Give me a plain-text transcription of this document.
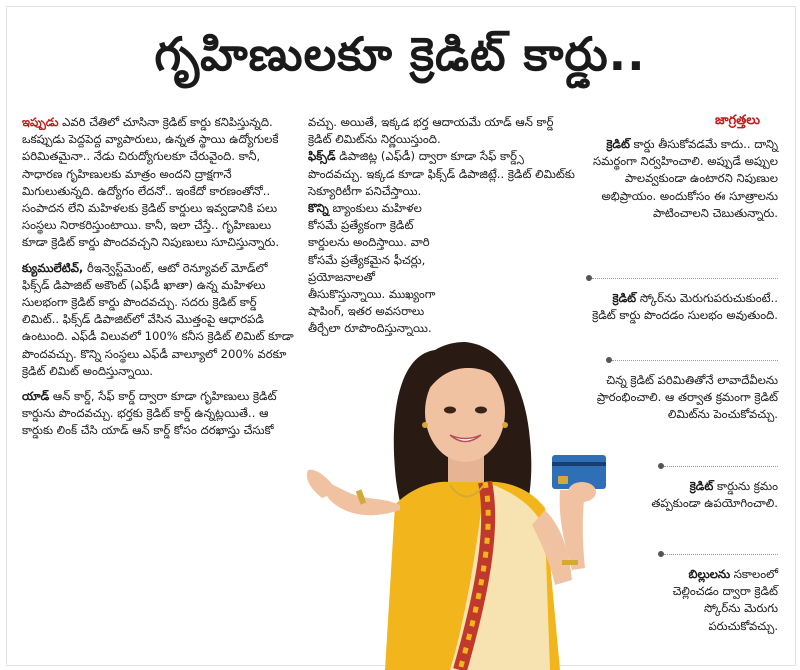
గృహిణులకూ క్రెడిట్ కార్డు..

ఇప్పుడు ఎవరి చేతిలో చూసినా క్రెడిట్ కార్డు కనిపిస్తున్నది. ఒకప్పుడు పెద్దపెద్ద వ్యాపారులు, ఉన్నత స్థాయి ఉద్యోగులకే పరిమితమైనా.. నేడు చిరుద్యోగులకూ చేరువైంది. కానీ, సాధారణ గృహిణులకు మాత్రం అందని ద్రాక్షగానే మిగులుతున్నది. ఉద్యోగం లేదనో.. ఇంకేదో కారణంతోనో.. సంపాదన లేని మహిళలకు క్రెడిట్ కార్డులు ఇవ్వడానికి పలు సంస్థలు నిరాకరిస్తుంటాయి. కానీ, ఇలా చేస్తే.. గృహిణులు కూడా క్రెడిట్ కార్డు పొందవచ్చని నిపుణులు సూచిస్తున్నారు.

క్యుములేటివ్, రీఇన్వెస్ట్‌మెంట్, ఆటో రెన్యూవల్ మోడ్‌లో ఫిక్స్‌డ్ డిపాజిట్ అకౌంట్ (ఎఫ్‌డీ ఖాతా) ఉన్న మహిళలు సులభంగా క్రెడిట్ కార్డు పొందవచ్చు. సదరు క్రెడిట్ కార్డ్ లిమిట్.. ఫిక్స్‌డ్ డిపాజిట్‌లో వేసిన మొత్తంపై ఆధారపడి ఉంటుంది. ఎఫ్‌డీ విలువలో 100% కనీస క్రెడిట్ లిమిట్ కూడా పొందవచ్చు. కొన్ని సంస్థలు ఎఫ్‌డీ వాల్యూలో 200% వరకూ క్రెడిట్ లిమిట్ అందిస్తున్నాయి.

యాడ్ ఆన్ కార్డ్, సేఫ్ కార్డ్ ద్వారా కూడా గృహిణులు క్రెడిట్ కార్డును పొందవచ్చు. భర్తకు క్రెడిట్ కార్డ్ ఉన్నట్లయితే.. ఆ కార్డుకు లింక్ చేసి యాడ్ ఆన్ కార్డ్ కోసం దరఖాస్తు చేసుకో

వచ్చు. అయితే, ఇక్కడ భర్త ఆదాయమే యాడ్ ఆన్ కార్డ్ క్రెడిట్ లిమిట్‌ను నిర్ణయిస్తుంది.

ఫిక్స్‌డ్ డిపాజిట్ల (ఎఫ్‌డీ) ద్వారా కూడా సేఫ్ కార్డ్స్ పొందవచ్చు. ఇక్కడ కూడా ఫిక్స్‌డ్ డిపాజిట్లే.. క్రెడిట్ లిమిట్‌కు సెక్యూరిటీగా పనిచేస్తాయి.

కొన్ని బ్యాంకులు మహిళల కోసమే ప్రత్యేకంగా క్రెడిట్ కార్డులను అందిస్తాయి. వారి కోసమే ప్రత్యేకమైన ఫీచర్లు, ప్రయోజనాలతో తీసుకొస్తున్నాయి. ముఖ్యంగా షాపింగ్, ఇతర అవసరాలు తీర్చేలా రూపొందిస్తున్నాయి.

జాగ్రత్తలు
క్రెడిట్ కార్డు తీసుకోవడమే కాదు.. దాన్ని సమర్థంగా నిర్వహించాలి. అప్పుడే అప్పుల పాలవ్వకుండా ఉంటారని నిపుణుల అభిప్రాయం. అందుకోసం ఈ సూత్రాలను పాటించాలని చెబుతున్నారు.
క్రెడిట్ స్కోర్‌ను మెరుగుపరుచుకుంటే.. క్రెడిట్ కార్డు పొందడం సులభం అవుతుంది.
చిన్న క్రెడిట్ పరిమితితోనే లావాదేవీలను ప్రారంభించాలి. ఆ తర్వాత క్రమంగా క్రెడిట్ లిమిట్‌ను పెంచుకోవచ్చు.
క్రెడిట్ కార్డును క్రమం తప్పకుండా ఉపయోగించాలి.
బిల్లులను సకాలంలో చెల్లించడం ద్వారా క్రెడిట్ స్కోర్‌ను మెరుగు పరుచుకోవచ్చు.
